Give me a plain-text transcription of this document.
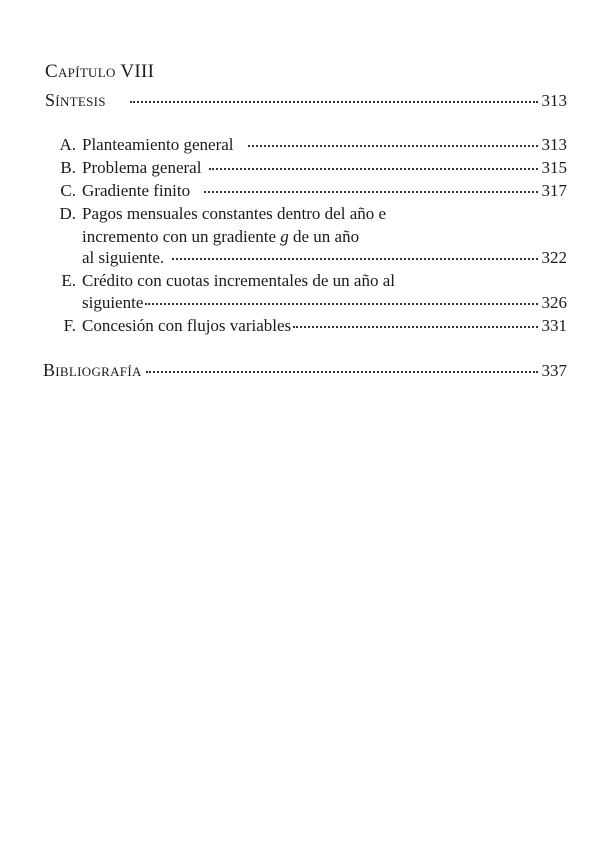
Capítulo VIII
Síntesis	313
A. Planteamiento general	313
B. Problema general	315
C. Gradiente finito	317
D. Pagos mensuales constantes dentro del año e
incremento con un gradiente g de un año
al siguiente.	322
E. Crédito con cuotas incrementales de un año al
siguiente	326
F. Concesión con flujos variables	331
Bibliografía	337
